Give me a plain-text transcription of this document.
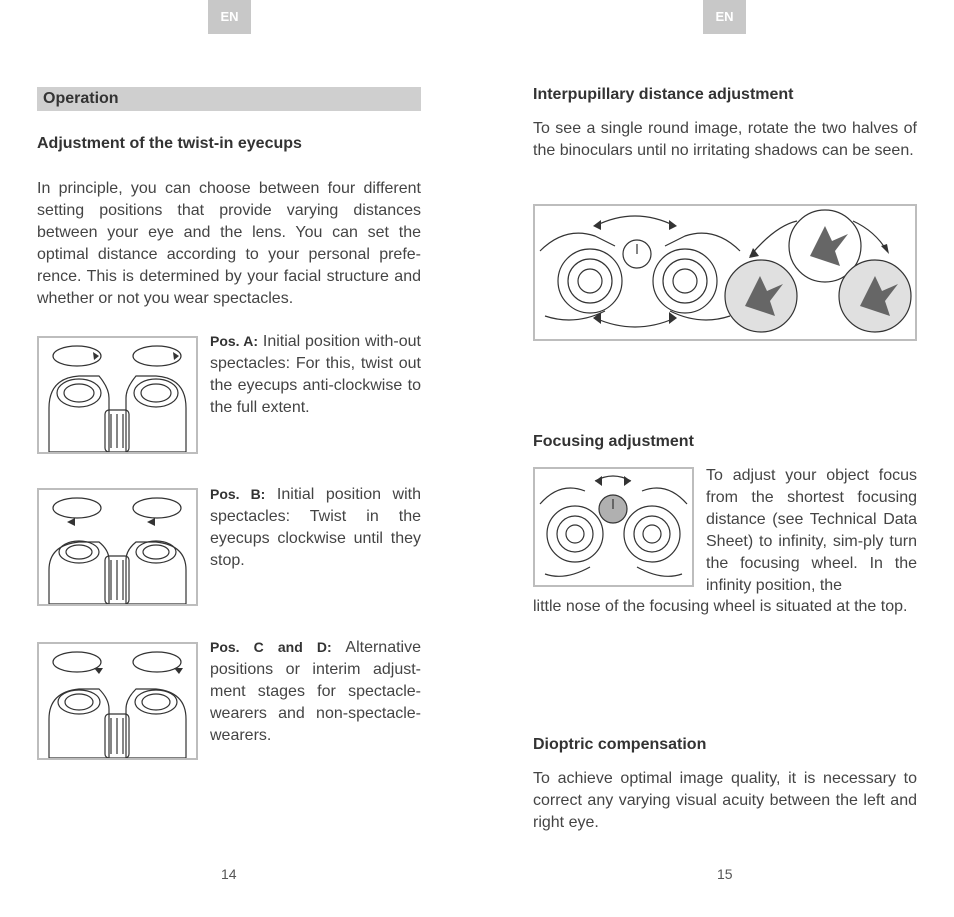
EN
Operation
Adjustment of the twist-in eyecups
In principle, you can choose between four different setting positions that provide varying distances between your eye and the lens. You can set the optimal distance according to your personal prefe-rence. This is determined by your facial structure and whether or not you wear spectacles.
Pos. A: Initial position with-out spectacles: For this, twist out the eyecups anti-clockwise to the full extent.
Pos. B: Initial position with spectacles: Twist in the eyecups clockwise until they stop.
Pos. C and D: Alternative positions or interim adjust-ment stages for spectacle-wearers and non-spectacle-wearers.
14
EN
Interpupillary distance adjustment
To see a single round image, rotate the two halves of the binoculars until no irritating shadows can be seen.
Focusing adjustment
To adjust your object focus from the shortest focusing distance (see Technical Data Sheet) to infinity, sim-ply turn the focusing wheel. In the infinity position, the
little nose of the focusing wheel is situated at the top.
Dioptric compensation
To achieve optimal image quality, it is necessary to correct any varying visual acuity between the left and right eye.
15
